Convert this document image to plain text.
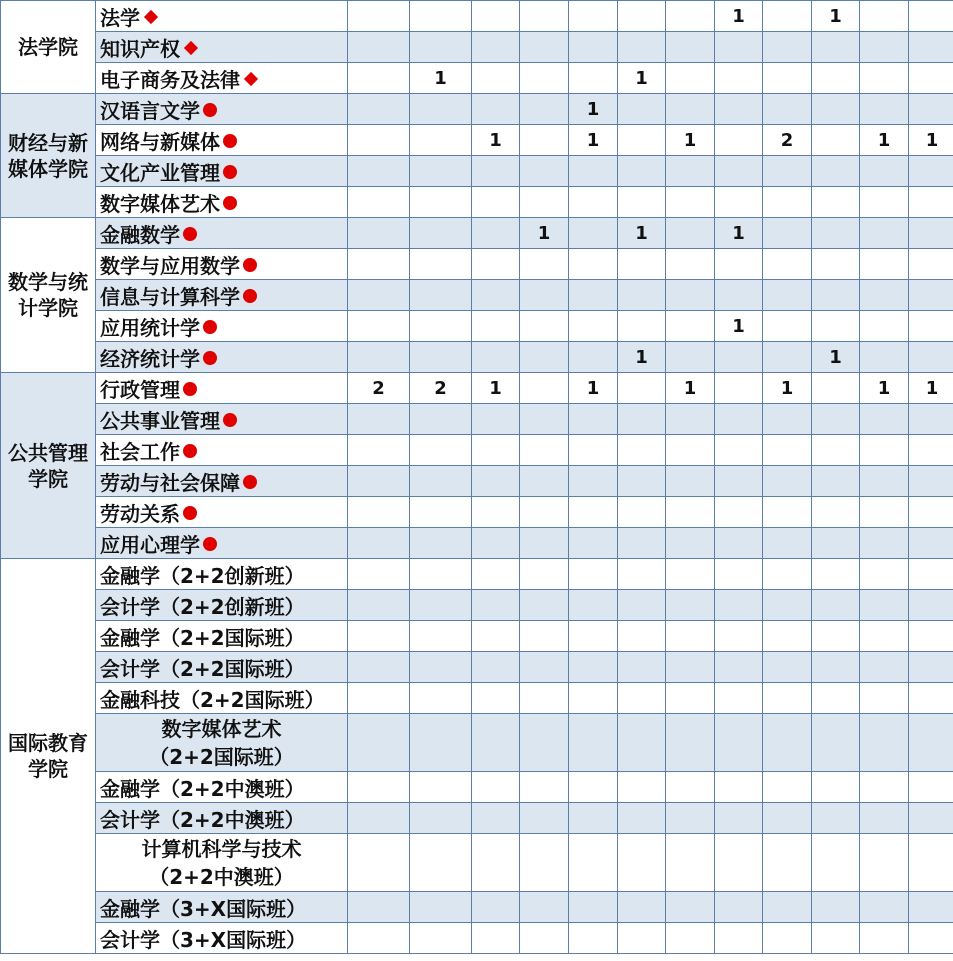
法学院	法学								1		1		
	知识产权												
	电子商务及法律		1				1						
财经与新媒体学院	汉语言文学					1							
	网络与新媒体			1		1		1		2		1	1
	文化产业管理												
	数字媒体艺术												
数学与统计学院	金融数学				1		1		1				
	数学与应用数学												
	信息与计算科学												
	应用统计学								1				
	经济统计学						1				1		
公共管理学院	行政管理	2	2	1		1		1		1		1	1
	公共事业管理												
	社会工作												
	劳动与社会保障												
	劳动关系												
	应用心理学												
国际教育学院	金融学（2+2创新班）												
	会计学（2+2创新班）												
	金融学（2+2国际班）												
	会计学（2+2国际班）												
	金融科技（2+2国际班）												
	数字媒体艺术
（2+2国际班）												
	金融学（2+2中澳班）												
	会计学（2+2中澳班）												
	计算机科学与技术
（2+2中澳班）												
	金融学（3+X国际班）												
	会计学（3+X国际班）												
